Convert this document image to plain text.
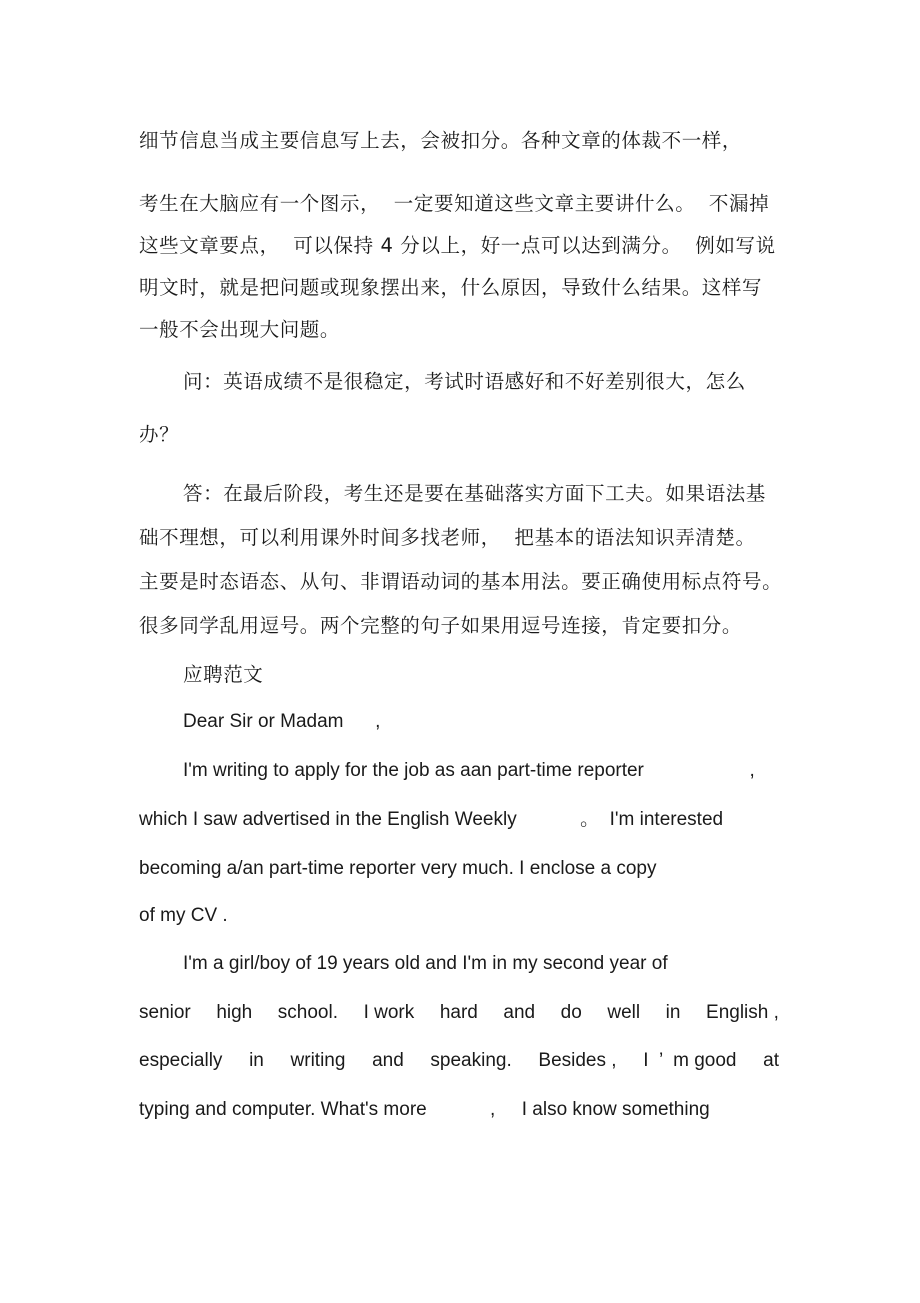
细节信息当成主要信息写上去，会被扣分。各种文章的体裁不一样，
考生在大脑应有一个图示，  一定要知道这些文章主要讲什么。  不漏掉
这些文章要点，  可以保持 4 分以上，好一点可以达到满分。  例如写说
明文时，就是把问题或现象摆出来，什么原因，导致什么结果。这样写
一般不会出现大问题。
问：英语成绩不是很稳定，考试时语感好和不好差别很大，怎么
办？
答：在最后阶段，考生还是要在基础落实方面下工夫。如果语法基
础不理想，可以利用课外时间多找老师，  把基本的语法知识弄清楚。
主要是时态语态、从句、非谓语动词的基本用法。要正确使用标点符号。
很多同学乱用逗号。两个完整的句子如果用逗号连接，肯定要扣分。
应聘范文
Dear Sir or Madam      ,
I'm writing to apply for the job as aan part-time reporter                    ,
which I saw advertised in the English Weekly            。  I'm interested
becoming a/an part-time reporter very much. I enclose a copy
of my CV .
I'm a girl/boy of 19 years old and I'm in my second year of
senior high school. I work hard and do well in English ,
especially in writing and speaking. Besides , I  ’  m good at
typing and computer. What's more            ,     I also know something
